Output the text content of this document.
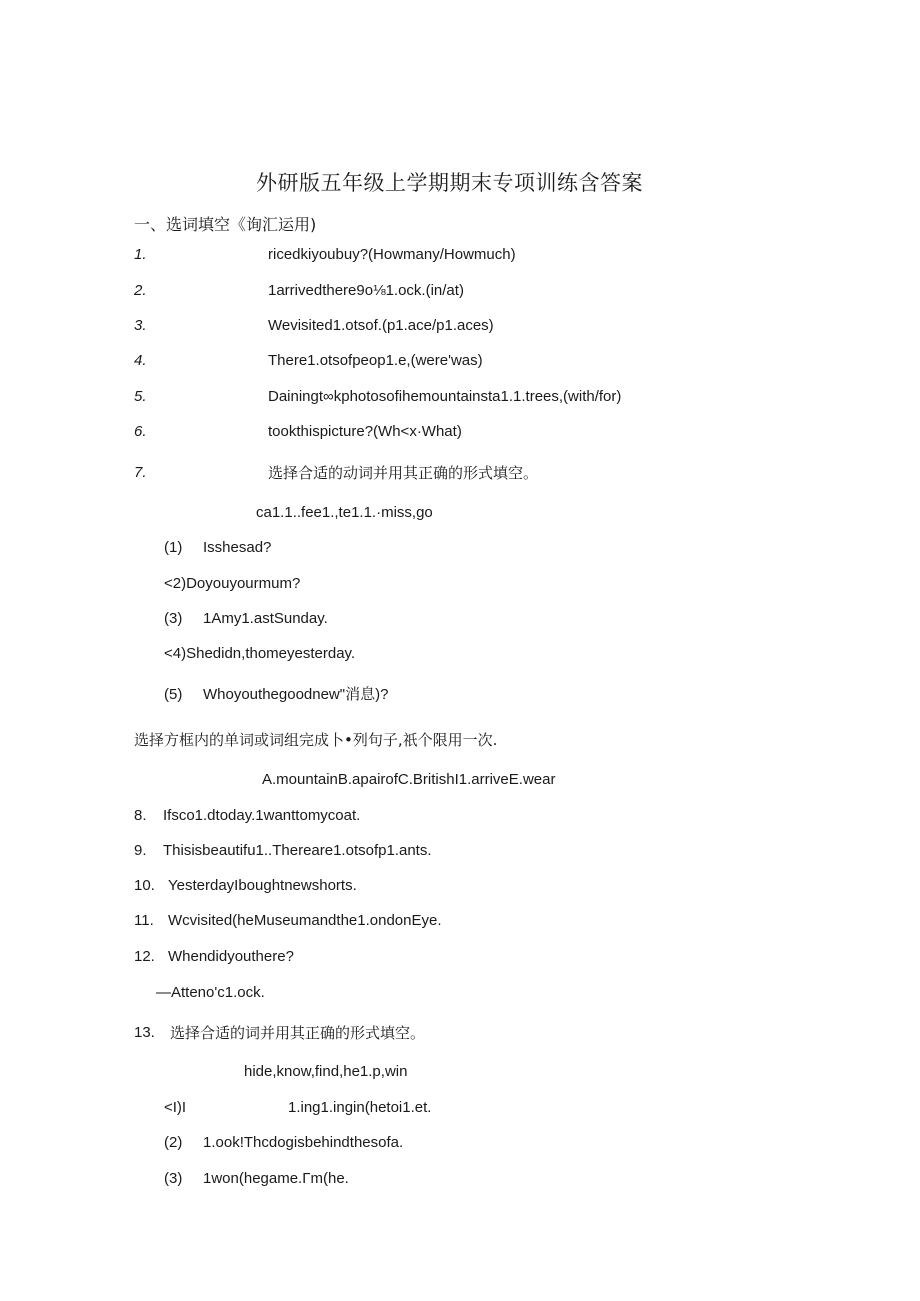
外研版五年级上学期期末专项训练含答案
一、选词填空《询汇运用)
1.	ricedkiyoubuy?(Howmany/Howmuch)
2.	1arrivedthere9o⅛1.ock.(in/at)
3.	Wevisited1.otsof.(p1.ace/p1.aces)
4.	There1.otsofpeop1.e,(were'was)
5.	Dainingt∞kphotosofihemountainsta1.1.trees,(with/for)
6.	tookthispicture?(Wh<x·What)
7.	选择合适的动词并用其正确的形式填空。
ca1.1..fee1.,te1.1.·miss,go
(1) Isshesad?
<2)Doyouyourmum?
(3) 1Amy1.astSunday.
<4)Shedidn,thomeyesterday.
(5) Whoyouthegoodnew"消息)?
选择方框内的单词或词组完成卜•列句子,祇个限用一次.
A.mountainB.apairofC.BritishI1.arriveE.wear
8. Ifsco1.dtoday.1wanttomycoat.
9. Thisisbeautifu1..Thereare1.otsofp1.ants.
10. YesterdayIboughtnewshorts.
11. Wcvisited(heMuseumandthe1.ondonEye.
12. Whendidyouthere?
—Atteno'c1.ock.
13. 选择合适的词并用其正确的形式填空。
hide,know,find,he1.p,win
<I)I	1.ing1.ingin(hetoi1.et.
(2) 1.ook!Thcdogisbehindthesofa.
(3) 1won(hegame.Γm(he.
